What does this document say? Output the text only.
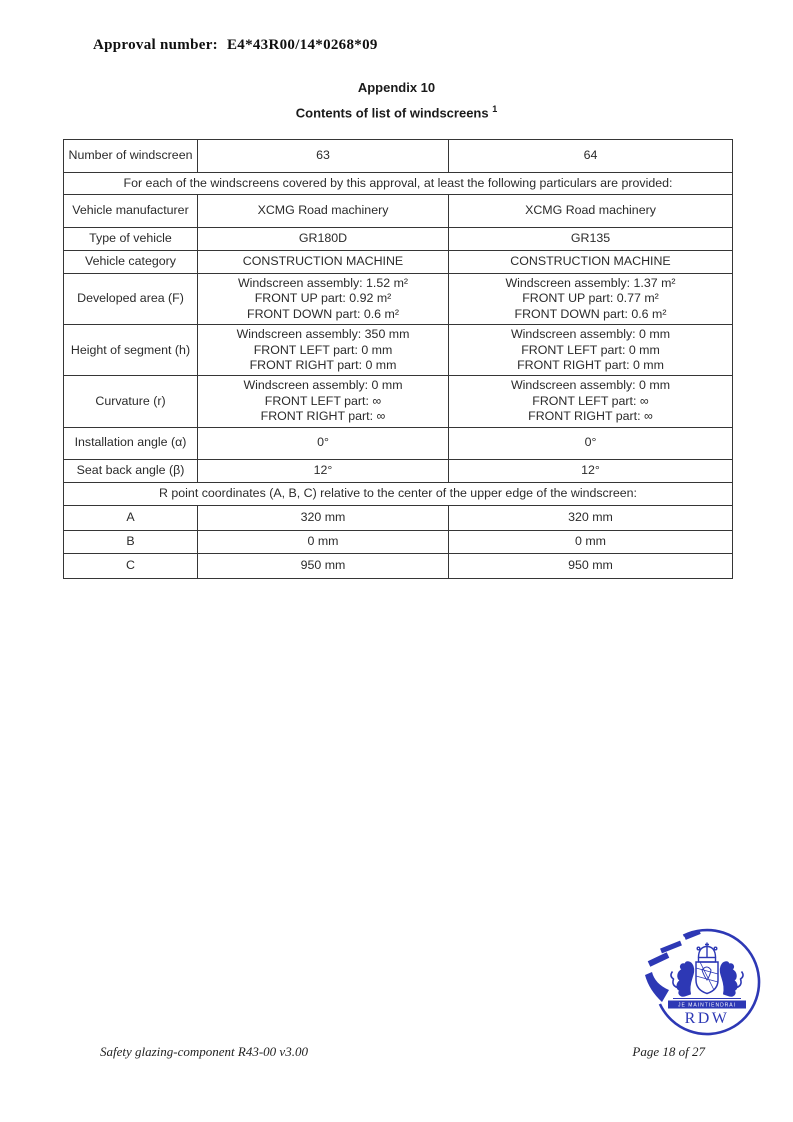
Approval number: E4*43R00/14*0268*09
Appendix 10
Contents of list of windscreens $^1$
Number of windscreen	63	64
For each of the windscreens covered by this approval, at least the following particulars are provided:		
Vehicle manufacturer	XCMG Road machinery	XCMG Road machinery
Type of vehicle	GR180D	GR135
Vehicle category	CONSTRUCTION MACHINE	CONSTRUCTION MACHINE
Developed area (F)	Windscreen assembly: 1.52 m²
FRONT UP part: 0.92 m²
FRONT DOWN part: 0.6 m²	Windscreen assembly: 1.37 m²
FRONT UP part: 0.77 m²
FRONT DOWN part: 0.6 m²

Height of segment (h)	Windscreen assembly: 350 mm
FRONT LEFT part: 0 mm
FRONT RIGHT part: 0 mm	Windscreen assembly: 0 mm
FRONT LEFT part: 0 mm
FRONT RIGHT part: 0 mm

Curvature (r)	Windscreen assembly: 0 mm
FRONT LEFT part: ∞
FRONT RIGHT part: ∞	Windscreen assembly: 0 mm
FRONT LEFT part: ∞
FRONT RIGHT part: ∞

Installation angle (α)	0°	0°
Seat back angle (β)	12°	12°
R point coordinates (A, B, C) relative to the center of the upper edge of the windscreen:		
A	320 mm	320 mm
B	0 mm	0 mm
C	950 mm	950 mm
JE MAINTIENDRAI
RDW
Safety glazing-component R43-00 v3.00	Page 18 of 27
